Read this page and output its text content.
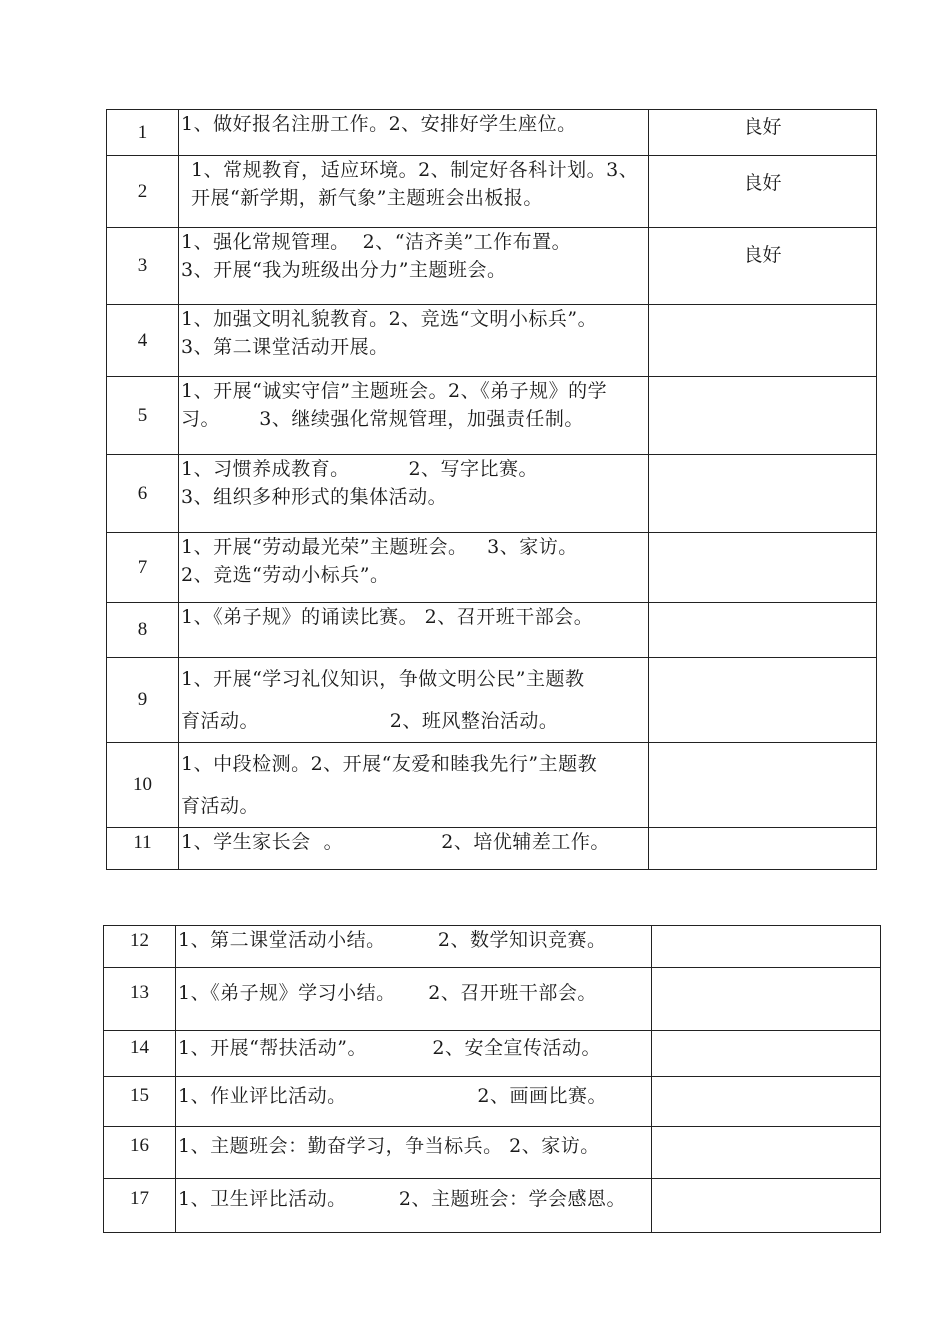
1	1、做好报名注册工作。2、安排好学生座位。	良好
2	1、常规教育，适应环境。2、制定好各科计划。3、
开展“新学期，新气象”主题班会出板报。	良好
3	1、强化常规管理。  2、“洁齐美”工作布置。
3、开展“我为班级出分力”主题班会。	良好
4	1、加强文明礼貌教育。2、竞选“文明小标兵”。
3、第二课堂活动开展。	
5	1、开展“诚实守信”主题班会。2、《弟子规》的学
习。      3、继续强化常规管理，加强责任制。	
6	1、习惯养成教育。         2、写字比赛。
3、组织多种形式的集体活动。	
7	1、开展“劳动最光荣”主题班会。   3、家访。
2、竞选“劳动小标兵”。	
8	1、《弟子规》的诵读比赛。 2、召开班干部会。	
9	1、开展“学习礼仪知识，争做文明公民”主题教
育活动。                    2、班风整治活动。	
10	1、中段检测。2、开展“友爱和睦我先行”主题教
育活动。	
11	1、学生家长会  。               2、培优辅差工作。	
12	1、第二课堂活动小结。        2、数学知识竞赛。	
13	1、《弟子规》学习小结。     2、召开班干部会。	
14	1、开展“帮扶活动”。          2、安全宣传活动。	
15	1、作业评比活动。                    2、画画比赛。	
16	1、主题班会：勤奋学习，争当标兵。 2、家访。	
17	1、卫生评比活动。        2、主题班会：学会感恩。	
